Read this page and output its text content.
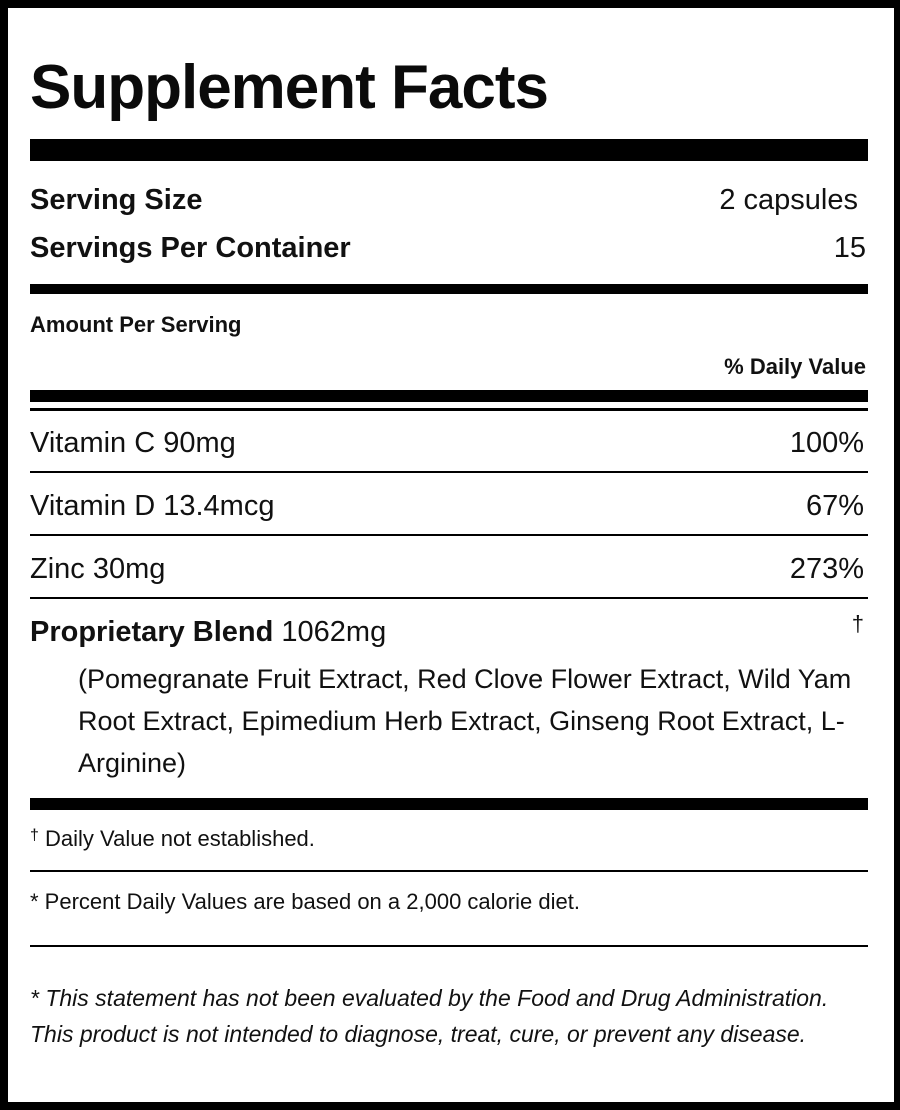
Supplement Facts
Serving Size	2 capsules
Servings Per Container	15
Amount Per Serving
% Daily Value
Vitamin C 90mg	100%
Vitamin D 13.4mcg	67%
Zinc 30mg	273%
Proprietary Blend 1062mg	†
(Pomegranate Fruit Extract, Red Clove Flower Extract, Wild Yam Root Extract, Epimedium Herb Extract, Ginseng Root Extract, L-Arginine)
† Daily Value not established.
* Percent Daily Values are based on a 2,000 calorie diet.
* This statement has not been evaluated by the Food and Drug Administration. This product is not intended to diagnose, treat, cure, or prevent any disease.
